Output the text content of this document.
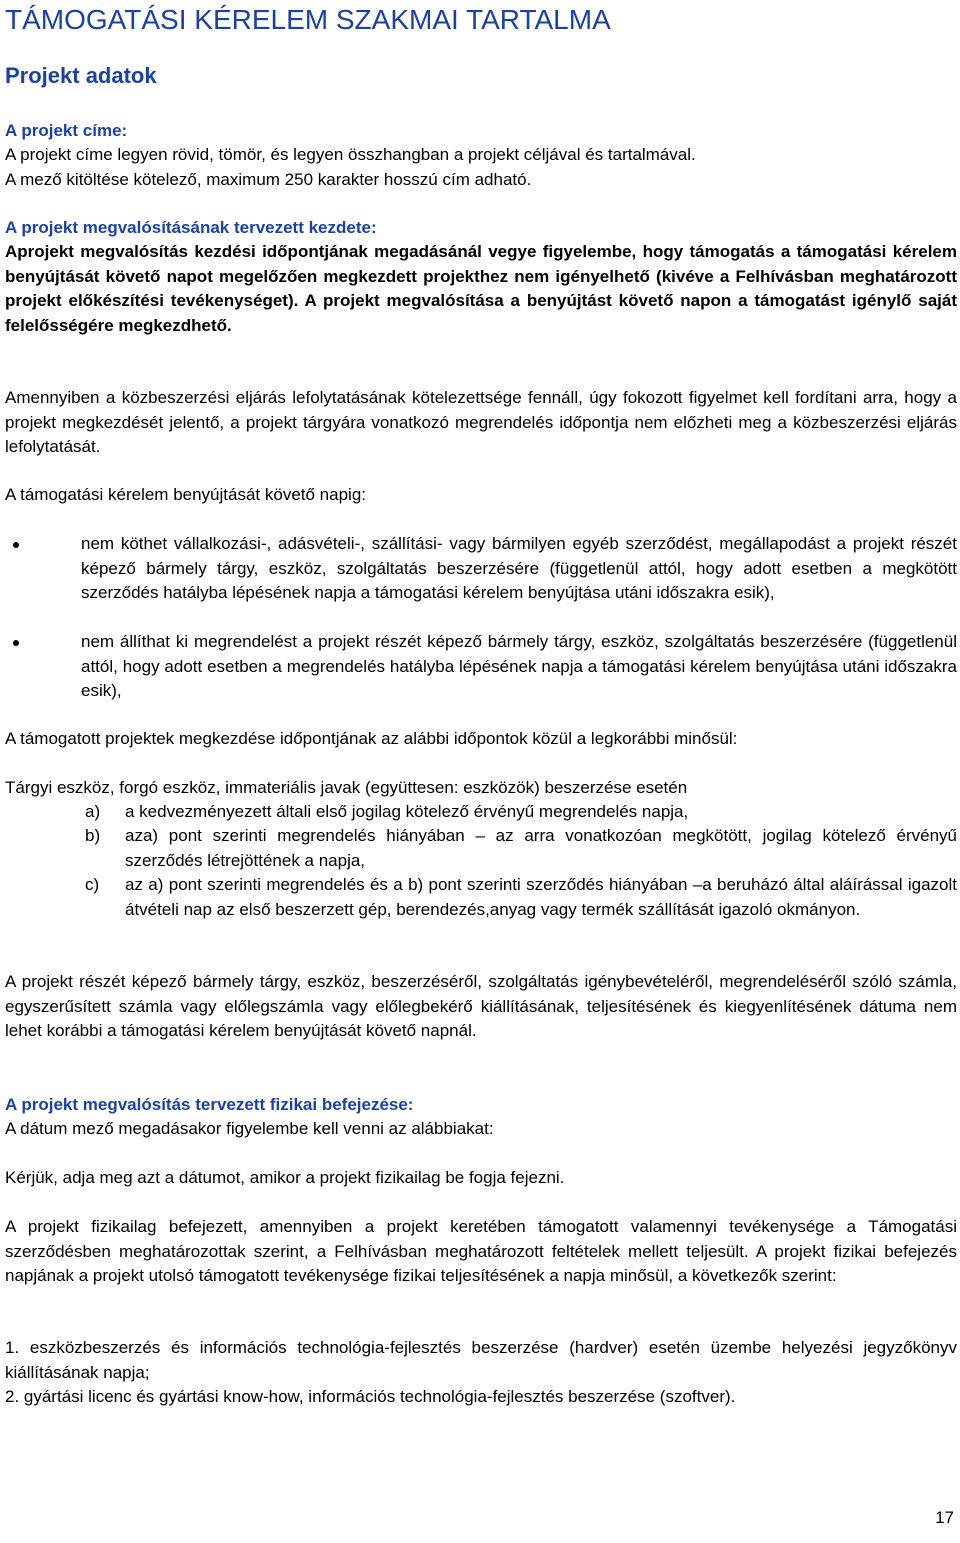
TÁMOGATÁSI KÉRELEM SZAKMAI TARTALMA
Projekt adatok
A projekt címe:
A projekt címe legyen rövid, tömör, és legyen összhangban a projekt céljával és tartalmával.
A mező kitöltése kötelező, maximum 250 karakter hosszú cím adható.
A projekt megvalósításának tervezett kezdete:
Aprojekt megvalósítás kezdési időpontjának megadásánál vegye figyelembe, hogy támogatás a támogatási kérelem benyújtását követő napot megelőzően megkezdett projekthez nem igényelhető (kivéve a Felhívásban meghatározott projekt előkészítési tevékenységet). A projekt megvalósítása a benyújtást követő napon a támogatást igénylő saját felelősségére megkezdhető.
Amennyiben a közbeszerzési eljárás lefolytatásának kötelezettsége fennáll, úgy fokozott figyelmet kell fordítani arra, hogy a projekt megkezdését jelentő, a projekt tárgyára vonatkozó megrendelés időpontja nem előzheti meg a közbeszerzési eljárás lefolytatását.
A támogatási kérelem benyújtását követő napig:
nem köthet vállalkozási-, adásvételi-, szállítási- vagy bármilyen egyéb szerződést, megállapodást a projekt részét képező bármely tárgy, eszköz, szolgáltatás beszerzésére (függetlenül attól, hogy adott esetben a megkötött szerződés hatályba lépésének napja a támogatási kérelem benyújtása utáni időszakra esik),
nem állíthat ki megrendelést a projekt részét képező bármely tárgy, eszköz, szolgáltatás beszerzésére (függetlenül attól, hogy adott esetben a megrendelés hatályba lépésének napja a támogatási kérelem benyújtása utáni időszakra esik),
A támogatott projektek megkezdése időpontjának az alábbi időpontok közül a legkorábbi minősül:
Tárgyi eszköz, forgó eszköz, immateriális javak (együttesen: eszközök) beszerzése esetén
a) a kedvezményezett általi első jogilag kötelező érvényű megrendelés napja,
b) aza) pont szerinti megrendelés hiányában – az arra vonatkozóan megkötött, jogilag kötelező érvényű szerződés létrejöttének a napja,
c) az a) pont szerinti megrendelés és a b) pont szerinti szerződés hiányában –a beruházó által aláírással igazolt átvételi nap az első beszerzett gép, berendezés,anyag vagy termék szállítását igazoló okmányon.
A projekt részét képező bármely tárgy, eszköz, beszerzéséről, szolgáltatás igénybevételéről, megrendeléséről szóló számla, egyszerűsített számla vagy előlegszámla vagy előlegbekérő kiállításának, teljesítésének és kiegyenlítésének dátuma nem lehet korábbi a támogatási kérelem benyújtását követő napnál.
A projekt megvalósítás tervezett fizikai befejezése:
A dátum mező megadásakor figyelembe kell venni az alábbiakat:
Kérjük, adja meg azt a dátumot, amikor a projekt fizikailag be fogja fejezni.
A projekt fizikailag befejezett, amennyiben a projekt keretében támogatott valamennyi tevékenysége a Támogatási szerződésben meghatározottak szerint, a Felhívásban meghatározott feltételek mellett teljesült. A projekt fizikai befejezés napjának a projekt utolsó támogatott tevékenysége fizikai teljesítésének a napja minősül, a következők szerint:
1. eszközbeszerzés és információs technológia-fejlesztés beszerzése (hardver) esetén üzembe helyezési jegyzőkönyv kiállításának napja;
2. gyártási licenc és gyártási know-how, információs technológia-fejlesztés beszerzése (szoftver).
17
